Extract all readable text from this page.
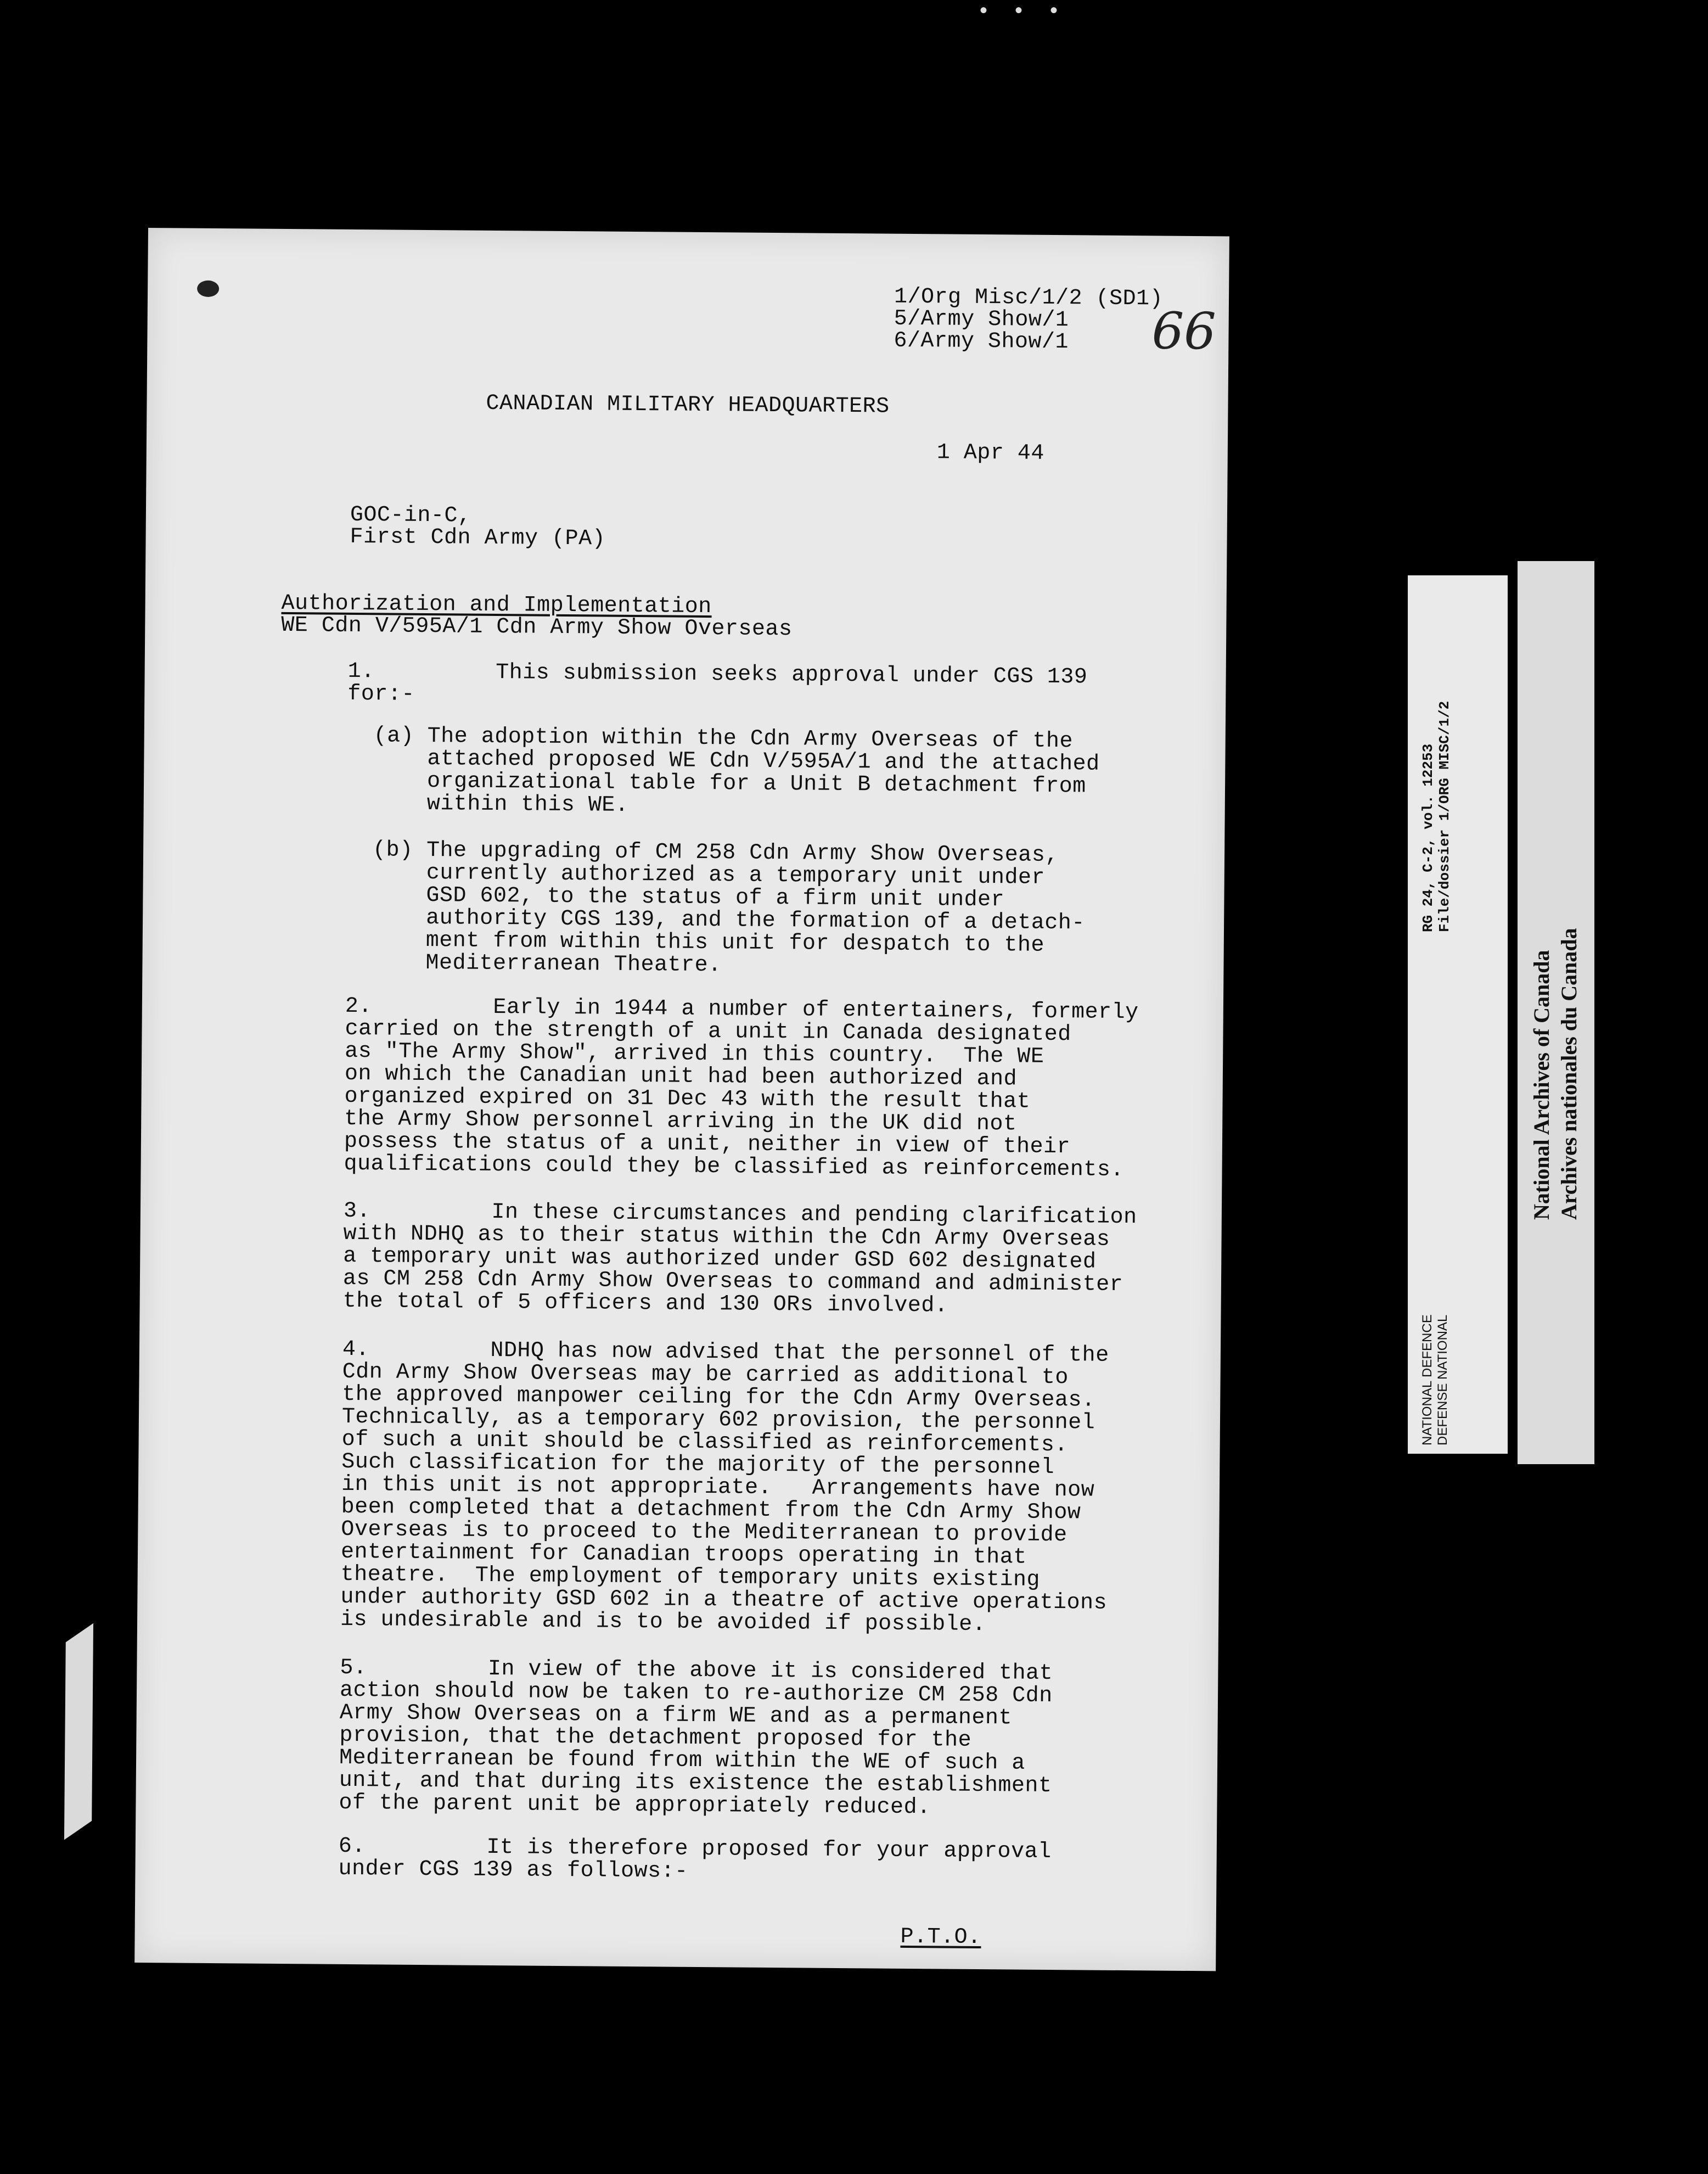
• • •
1/Org Misc/1/2 (SD1)
5/Army Show/1
6/Army Show/1 66
CANADIAN MILITARY HEADQUARTERS
1 Apr 44
GOC-in-C,
First Cdn Army (PA)
Authorization and Implementation
WE Cdn V/595A/1 Cdn Army Show Overseas
1.         This submission seeks approval under CGS 139
for:-
(a) The adoption within the Cdn Army Overseas of the
attached proposed WE Cdn V/595A/1 and the attached
organizational table for a Unit B detachment from
within this WE.
(b) The upgrading of CM 258 Cdn Army Show Overseas,
currently authorized as a temporary unit under
GSD 602, to the status of a firm unit under
authority CGS 139, and the formation of a detach-
ment from within this unit for despatch to the
Mediterranean Theatre.
2.         Early in 1944 a number of entertainers, formerly
carried on the strength of a unit in Canada designated
as "The Army Show", arrived in this country.  The WE
on which the Canadian unit had been authorized and
organized expired on 31 Dec 43 with the result that
the Army Show personnel arriving in the UK did not
possess the status of a unit, neither in view of their
qualifications could they be classified as reinforcements.
3.         In these circumstances and pending clarification
with NDHQ as to their status within the Cdn Army Overseas
a temporary unit was authorized under GSD 602 designated
as CM 258 Cdn Army Show Overseas to command and administer
the total of 5 officers and 130 ORs involved.
4.         NDHQ has now advised that the personnel of the
Cdn Army Show Overseas may be carried as additional to
the approved manpower ceiling for the Cdn Army Overseas.
Technically, as a temporary 602 provision, the personnel
of such a unit should be classified as reinforcements.
Such classification for the majority of the personnel
in this unit is not appropriate.   Arrangements have now
been completed that a detachment from the Cdn Army Show
Overseas is to proceed to the Mediterranean to provide
entertainment for Canadian troops operating in that
theatre.  The employment of temporary units existing
under authority GSD 602 in a theatre of active operations
is undesirable and is to be avoided if possible.
5.         In view of the above it is considered that
action should now be taken to re-authorize CM 258 Cdn
Army Show Overseas on a firm WE and as a permanent
provision, that the detachment proposed for the
Mediterranean be found from within the WE of such a
unit, and that during its existence the establishment
of the parent unit be appropriately reduced.
6.         It is therefore proposed for your approval
under CGS 139 as follows:-
P.T.O.
RG 24, C-2, vol. 12253 File/dossier 1/ORG MISC/1/2
NATIONAL DEFENCE DEFENSE NATIONAL
National Archives of Canada Archives nationales du Canada
